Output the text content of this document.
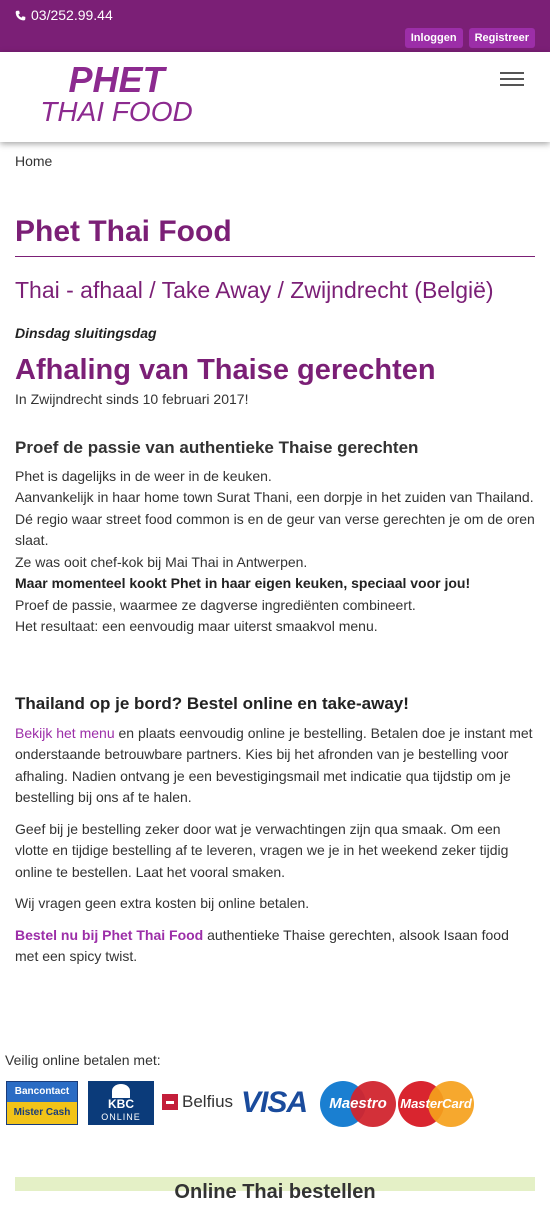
03/252.99.44
Inloggen	Registreer
PHET
THAI FOOD
Home
Phet Thai Food
Thai - afhaal / Take Away / Zwijndrecht (België)
Dinsdag sluitingsdag
Afhaling van Thaise gerechten
In Zwijndrecht sinds 10 februari 2017!
Proef de passie van authentieke Thaise gerechten
Phet is dagelijks in de weer in de keuken.
Aanvankelijk in haar home town Surat Thani, een dorpje in het zuiden van Thailand.
Dé regio waar street food common is en de geur van verse gerechten je om de oren slaat.
Ze was ooit chef-kok bij Mai Thai in Antwerpen.
Maar momenteel kookt Phet in haar eigen keuken, speciaal voor jou!
Proef de passie, waarmee ze dagverse ingrediënten combineert.
Het resultaat: een eenvoudig maar uiterst smaakvol menu.
Thailand op je bord? Bestel online en take-away!
Bekijk het menu en plaats eenvoudig online je bestelling. Betalen doe je instant met onderstaande betrouwbare partners. Kies bij het afronden van je bestelling voor afhaling. Nadien ontvang je een bevestigingsmail met indicatie qua tijdstip om je bestelling bij ons af te halen.
Geef bij je bestelling zeker door wat je verwachtingen zijn qua smaak. Om een vlotte en tijdige bestelling af te leveren, vragen we je in het weekend zeker tijdig online te bestellen. Laat het vooral smaken.
Wij vragen geen extra kosten bij online betalen.
Bestel nu bij Phet Thai Food authentieke Thaise gerechten, alsook Isaan food met een spicy twist.
Veilig online betalen met:
Bancontact
Mister Cash
KBC
ONLINE
Belfius VISA	Maestro	MasterCard
Online Thai bestellen
